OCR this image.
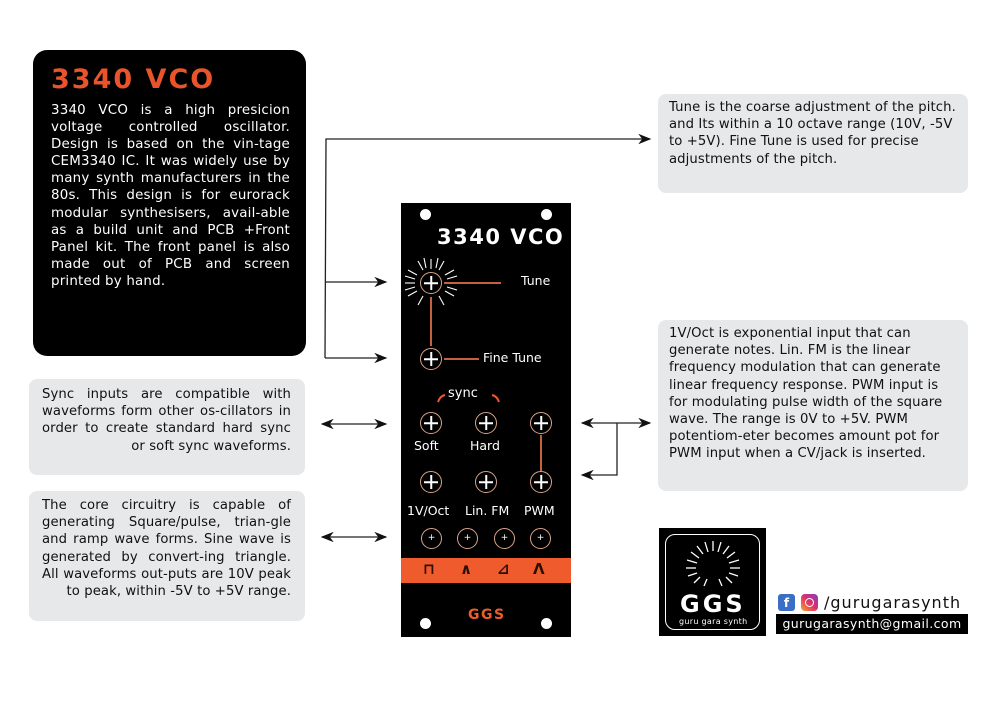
3340 VCO
3340 VCO is a high presicion voltage controlled oscillator. Design is based on the vin-tage CEM3340 IC. It was widely use by many synth manufacturers in the 80s. This design is for eurorack modular synthesisers, avail-able as a build unit and PCB +Front Panel kit. The front panel is also made out of PCB and screen printed by hand.
Tune is the coarse adjustment of the pitch. and Its within a 10 octave range (10V, -5V to +5V). Fine Tune is used for precise adjustments of the pitch.
1V/Oct is exponential input that can generate notes. Lin. FM is the linear frequency modulation that can generate linear frequency response. PWM input is for modulating pulse width of the square wave. The range is 0V to +5V. PWM potentiom-eter becomes amount pot for PWM input when a CV/jack is inserted.
Sync inputs are compatible with waveforms form other os-cillators in order to create standard hard sync or soft sync waveforms.
The core circuitry is capable of generating Square/pulse, trian-gle and ramp wave forms. Sine wave is generated by convert-ing triangle. All waveforms out-puts are 10V peak to peak, within -5V to +5V range.
3340 VCO
Tune
Fine Tune
sync
Soft	Hard
1V/Oct Lin. FM PWM
+	+	+	+
⊓ ∧ ⊿ Λ
GGS	GGS
guru gara synth
f	/gurugarasynth
gurugarasynth@gmail.com
